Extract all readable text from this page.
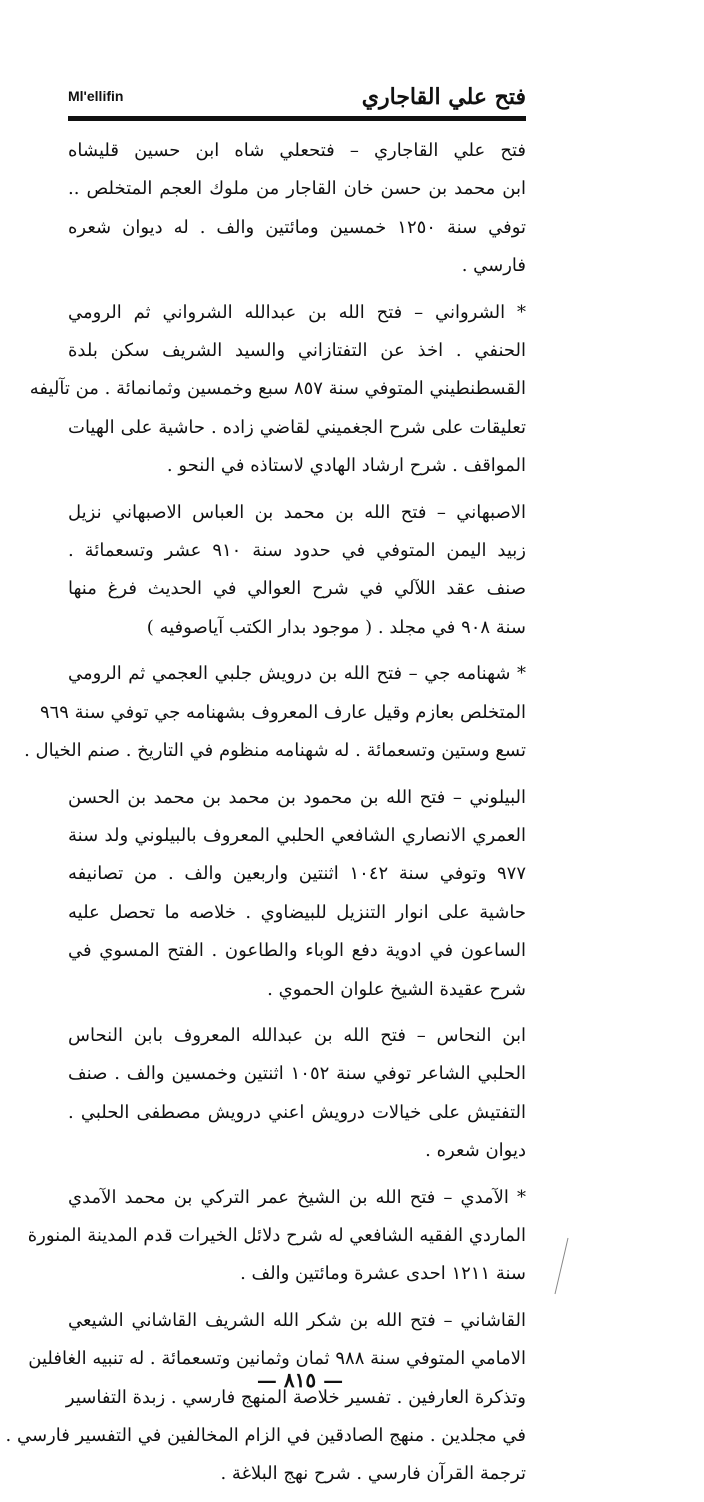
فتح علي القاجاري
Ml'ellifin
فتح علي القاجاري – فتحعلي شاه ابن حسين قليشاه
ابن محمد بن حسن خان القاجار من ملوك العجم المتخلص ..
توفي سنة ١٢٥٠ خمسين ومائتين والف . له ديوان شعره
فارسي .
* الشرواني – فتح الله بن عبدالله الشرواني ثم الرومي
الحنفي . اخذ عن التفتازاني والسيد الشريف سكن بلدة
القسطنطيني المتوفي سنة ٨٥٧ سبع وخمسين وثمانمائة . من تآليفه
تعليقات على شرح الجغميني لقاضي زاده . حاشية على الهيات
المواقف . شرح ارشاد الهادي لاستاذه في النحو .
الاصبهاني – فتح الله بن محمد بن العباس الاصبهاني نزيل
زبيد اليمن المتوفي في حدود سنة ٩١٠ عشر وتسعمائة .
صنف عقد اللآلي في شرح العوالي في الحديث فرغ منها
سنة ٩٠٨ في مجلد . ( موجود بدار الكتب آياصوفيه )
* شهنامه جي – فتح الله بن درويش جلبي العجمي ثم الرومي
المتخلص بعازم وقيل عارف المعروف بشهنامه جي توفي سنة ٩٦٩
تسع وستين وتسعمائة . له شهنامه منظوم في التاريخ . صنم الخيال .
البيلوني – فتح الله بن محمود بن محمد بن محمد بن الحسن
العمري الانصاري الشافعي الحلبي المعروف بالبيلوني ولد سنة
٩٧٧ وتوفي سنة ١٠٤٢ اثنتين واربعين والف . من تصانيفه
حاشية على انوار التنزيل للبيضاوي . خلاصه ما تحصل عليه
الساعون في ادوية دفع الوباء والطاعون . الفتح المسوي في
شرح عقيدة الشيخ علوان الحموي .
ابن النحاس – فتح الله بن عبدالله المعروف بابن النحاس
الحلبي الشاعر توفي سنة ١٠٥٢ اثنتين وخمسين والف . صنف
التفتيش على خيالات درويش اعني درويش مصطفى الحلبي .
ديوان شعره .
* الآمدي – فتح الله بن الشيخ عمر التركي بن محمد الآمدي
الماردي الفقيه الشافعي له شرح دلائل الخيرات قدم المدينة المنورة
سنة ١٢١١ احدى عشرة ومائتين والف .
القاشاني – فتح الله بن شكر الله الشريف القاشاني الشيعي
الامامي المتوفي سنة ٩٨٨ ثمان وثمانين وتسعمائة . له تنبيه الغافلين
وتذكرة العارفين . تفسير خلاصة المنهج فارسي . زبدة التفاسير
في مجلدين . منهج الصادقين في الزام المخالفين في التفسير فارسي .
ترجمة القرآن فارسي . شرح نهج البلاغة .
— ٨١٥ —
